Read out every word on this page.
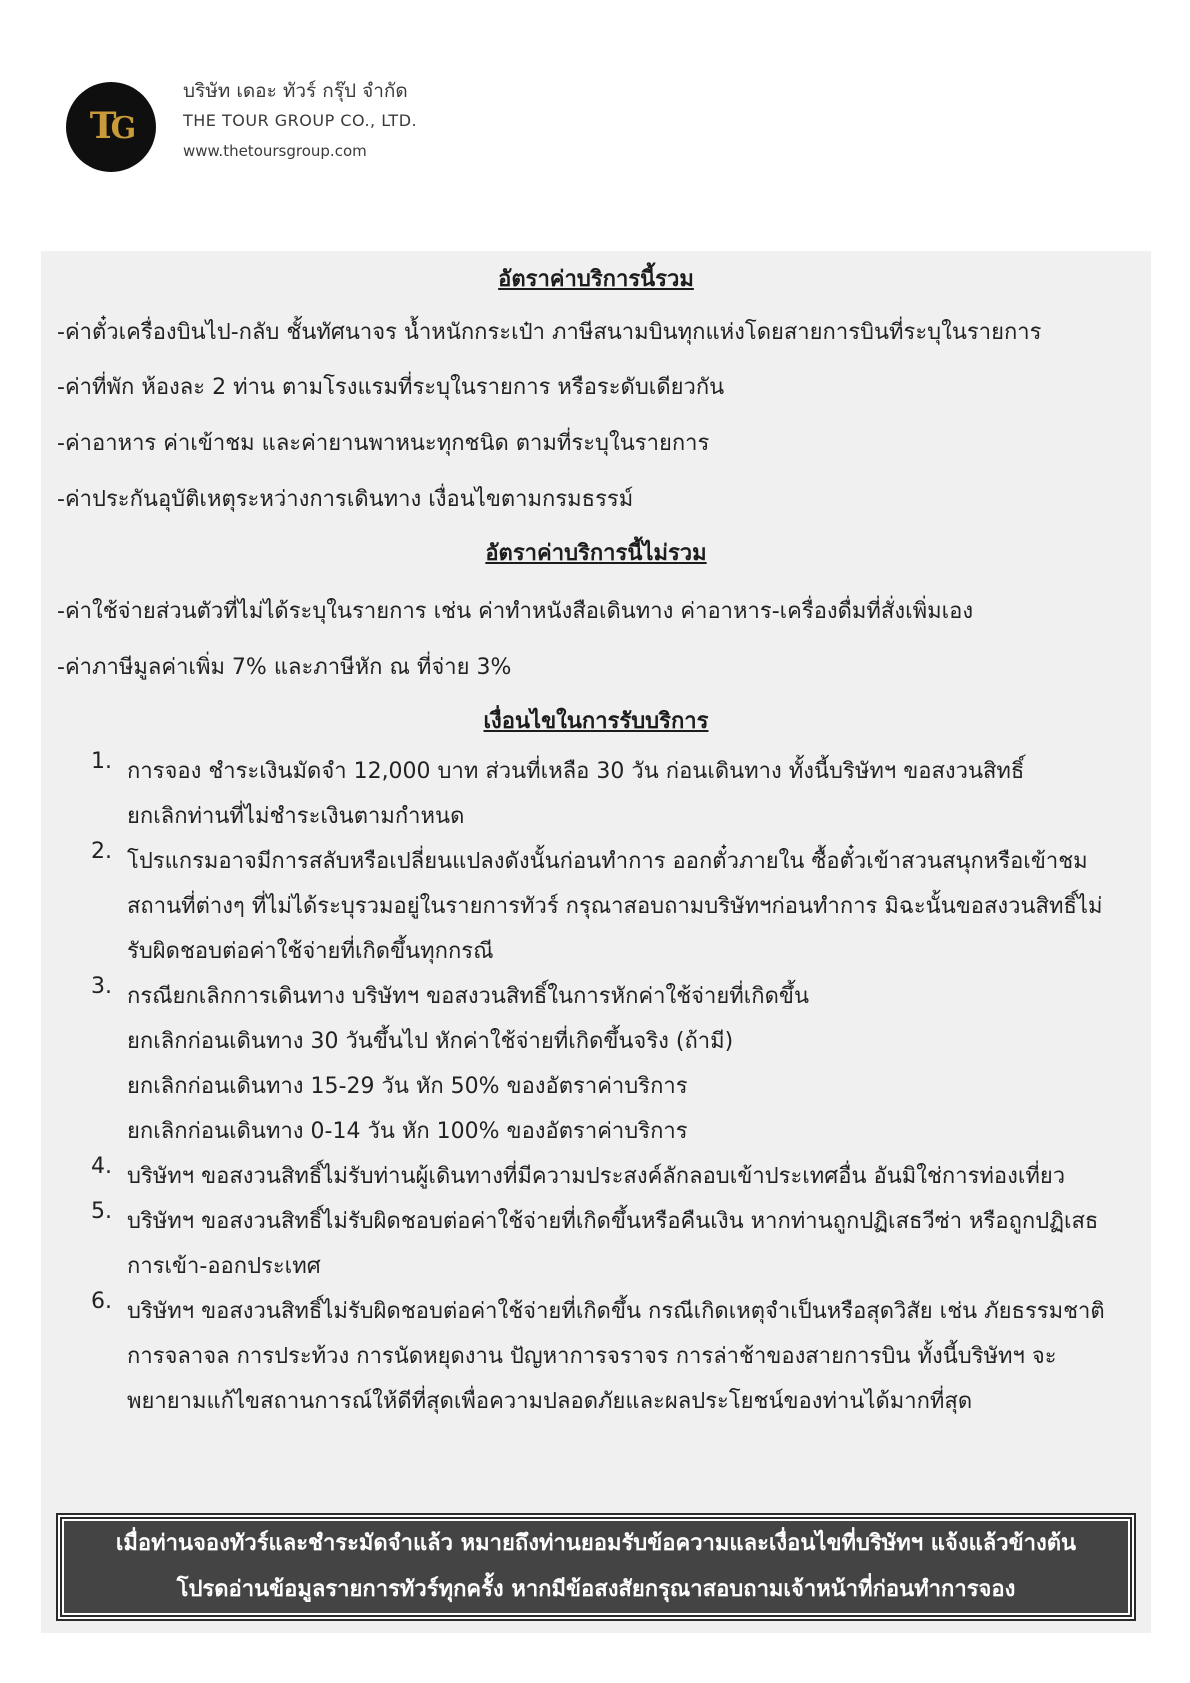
TG
บริษัท เดอะ ทัวร์ กรุ๊ป จำกัด
THE TOUR GROUP CO., LTD.
www.thetoursgroup.com
อัตราค่าบริการนี้รวม
-ค่าตั๋วเครื่องบินไป-กลับ ชั้นทัศนาจร น้ำหนักกระเป๋า ภาษีสนามบินทุกแห่งโดยสายการบินที่ระบุในรายการ
-ค่าที่พัก ห้องละ 2 ท่าน ตามโรงแรมที่ระบุในรายการ หรือระดับเดียวกัน
-ค่าอาหาร ค่าเข้าชม และค่ายานพาหนะทุกชนิด ตามที่ระบุในรายการ
-ค่าประกันอุบัติเหตุระหว่างการเดินทาง เงื่อนไขตามกรมธรรม์
อัตราค่าบริการนี้ไม่รวม
-ค่าใช้จ่ายส่วนตัวที่ไม่ได้ระบุในรายการ เช่น ค่าทำหนังสือเดินทาง ค่าอาหาร-เครื่องดื่มที่สั่งเพิ่มเอง
-ค่าภาษีมูลค่าเพิ่ม 7% และภาษีหัก ณ ที่จ่าย 3%
เงื่อนไขในการรับบริการ
1. การจอง ชำระเงินมัดจำ 12,000 บาท ส่วนที่เหลือ 30 วัน ก่อนเดินทาง ทั้งนี้บริษัทฯ ขอสงวนสิทธิ์
ยกเลิกท่านที่ไม่ชำระเงินตามกำหนด
2. โปรแกรมอาจมีการสลับหรือเปลี่ยนแปลงดังนั้นก่อนทำการ ออกตั๋วภายใน ซื้อตั๋วเข้าสวนสนุกหรือเข้าชม
สถานที่ต่างๆ ที่ไม่ได้ระบุรวมอยู่ในรายการทัวร์ กรุณาสอบถามบริษัทฯก่อนทำการ มิฉะนั้นขอสงวนสิทธิ์ไม่
รับผิดชอบต่อค่าใช้จ่ายที่เกิดขึ้นทุกกรณี
3. กรณียกเลิกการเดินทาง บริษัทฯ ขอสงวนสิทธิ์ในการหักค่าใช้จ่ายที่เกิดขึ้น
ยกเลิกก่อนเดินทาง 30 วันขึ้นไป หักค่าใช้จ่ายที่เกิดขึ้นจริง (ถ้ามี)
ยกเลิกก่อนเดินทาง 15-29 วัน หัก 50% ของอัตราค่าบริการ
ยกเลิกก่อนเดินทาง 0-14 วัน หัก 100% ของอัตราค่าบริการ
4. บริษัทฯ ขอสงวนสิทธิ์ไม่รับท่านผู้เดินทางที่มีความประสงค์ลักลอบเข้าประเทศอื่น อันมิใช่การท่องเที่ยว
5. บริษัทฯ ขอสงวนสิทธิ์ไม่รับผิดชอบต่อค่าใช้จ่ายที่เกิดขึ้นหรือคืนเงิน หากท่านถูกปฏิเสธวีซ่า หรือถูกปฏิเสธ
การเข้า-ออกประเทศ
6. บริษัทฯ ขอสงวนสิทธิ์ไม่รับผิดชอบต่อค่าใช้จ่ายที่เกิดขึ้น กรณีเกิดเหตุจำเป็นหรือสุดวิสัย เช่น ภัยธรรมชาติ
การจลาจล การประท้วง การนัดหยุดงาน ปัญหาการจราจร การล่าช้าของสายการบิน ทั้งนี้บริษัทฯ จะ
พยายามแก้ไขสถานการณ์ให้ดีที่สุดเพื่อความปลอดภัยและผลประโยชน์ของท่านได้มากที่สุด
เมื่อท่านจองทัวร์และชำระมัดจำแล้ว หมายถึงท่านยอมรับข้อความและเงื่อนไขที่บริษัทฯ แจ้งแล้วข้างต้น
โปรดอ่านข้อมูลรายการทัวร์ทุกครั้ง หากมีข้อสงสัยกรุณาสอบถามเจ้าหน้าที่ก่อนทำการจอง
